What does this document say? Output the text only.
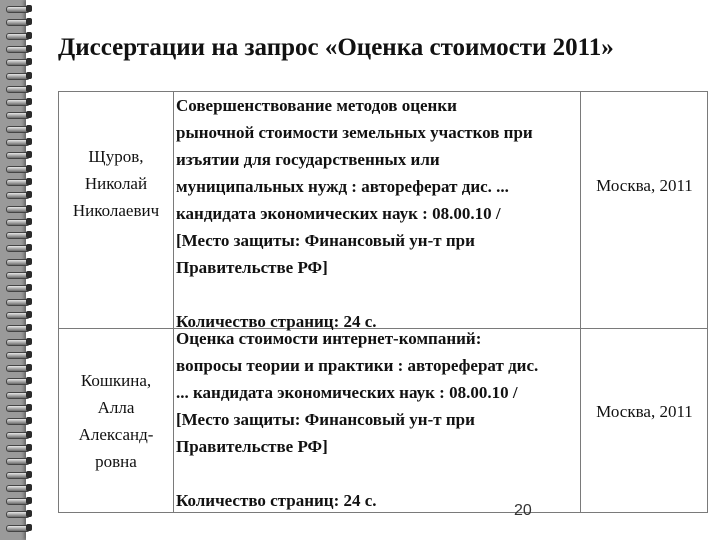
Диссертации на запрос «Оценка стоимости 2011»
Щуров,
Николай
Николаевич
Совершенствование методов оценки
рыночной стоимости земельных участков при
изъятии для государственных или
муниципальных нужд : автореферат дис. ...
кандидата экономических наук : 08.00.10 /
[Место защиты: Финансовый ун-т при
Правительстве РФ]
Количество страниц: 24 с.
Москва, 2011
Кошкина,
Алла
Александ-
ровна
Оценка стоимости интернет-компаний:
вопросы теории и практики : автореферат дис.
... кандидата экономических наук : 08.00.10 /
[Место защиты: Финансовый ун-т при
Правительстве РФ]
Количество страниц: 24 с.
Москва, 2011
20
